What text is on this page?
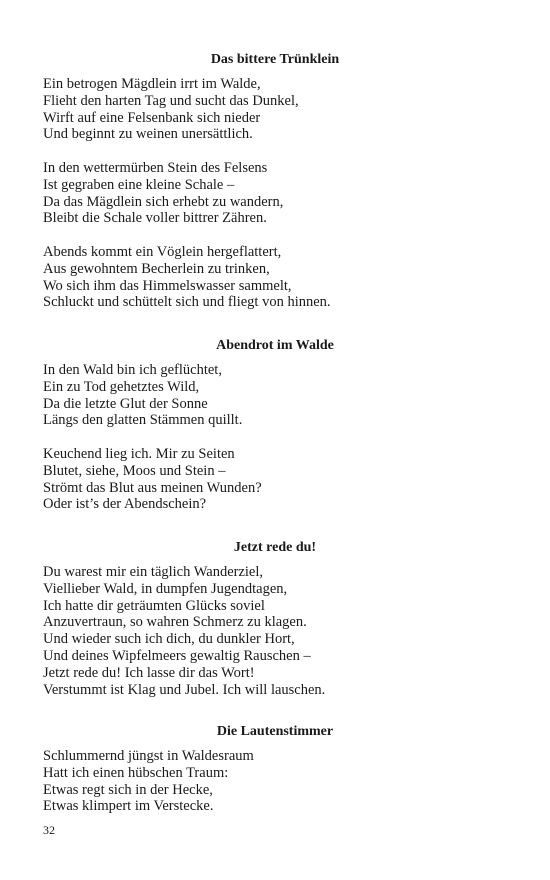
Das bittere Trünklein
Ein betrogen Mägdlein irrt im Walde,
Flieht den harten Tag und sucht das Dunkel,
Wirft auf eine Felsenbank sich nieder
Und beginnt zu weinen unersättlich.
In den wettermürben Stein des Felsens
Ist gegraben eine kleine Schale –
Da das Mägdlein sich erhebt zu wandern,
Bleibt die Schale voller bittrer Zähren.
Abends kommt ein Vöglein hergeflattert,
Aus gewohntem Becherlein zu trinken,
Wo sich ihm das Himmelswasser sammelt,
Schluckt und schüttelt sich und fliegt von hinnen.
Abendrot im Walde
In den Wald bin ich geflüchtet,
Ein zu Tod gehetztes Wild,
Da die letzte Glut der Sonne
Längs den glatten Stämmen quillt.
Keuchend lieg ich. Mir zu Seiten
Blutet, siehe, Moos und Stein –
Strömt das Blut aus meinen Wunden?
Oder ist’s der Abendschein?
Jetzt rede du!
Du warest mir ein täglich Wanderziel,
Viellieber Wald, in dumpfen Jugendtagen,
Ich hatte dir geträumten Glücks soviel
Anzuvertraun, so wahren Schmerz zu klagen.
Und wieder such ich dich, du dunkler Hort,
Und deines Wipfelmeers gewaltig Rauschen –
Jetzt rede du! Ich lasse dir das Wort!
Verstummt ist Klag und Jubel. Ich will lauschen.
Die Lautenstimmer
Schlummernd jüngst in Waldesraum
Hatt ich einen hübschen Traum:
Etwas regt sich in der Hecke,
Etwas klimpert im Verstecke.
32
